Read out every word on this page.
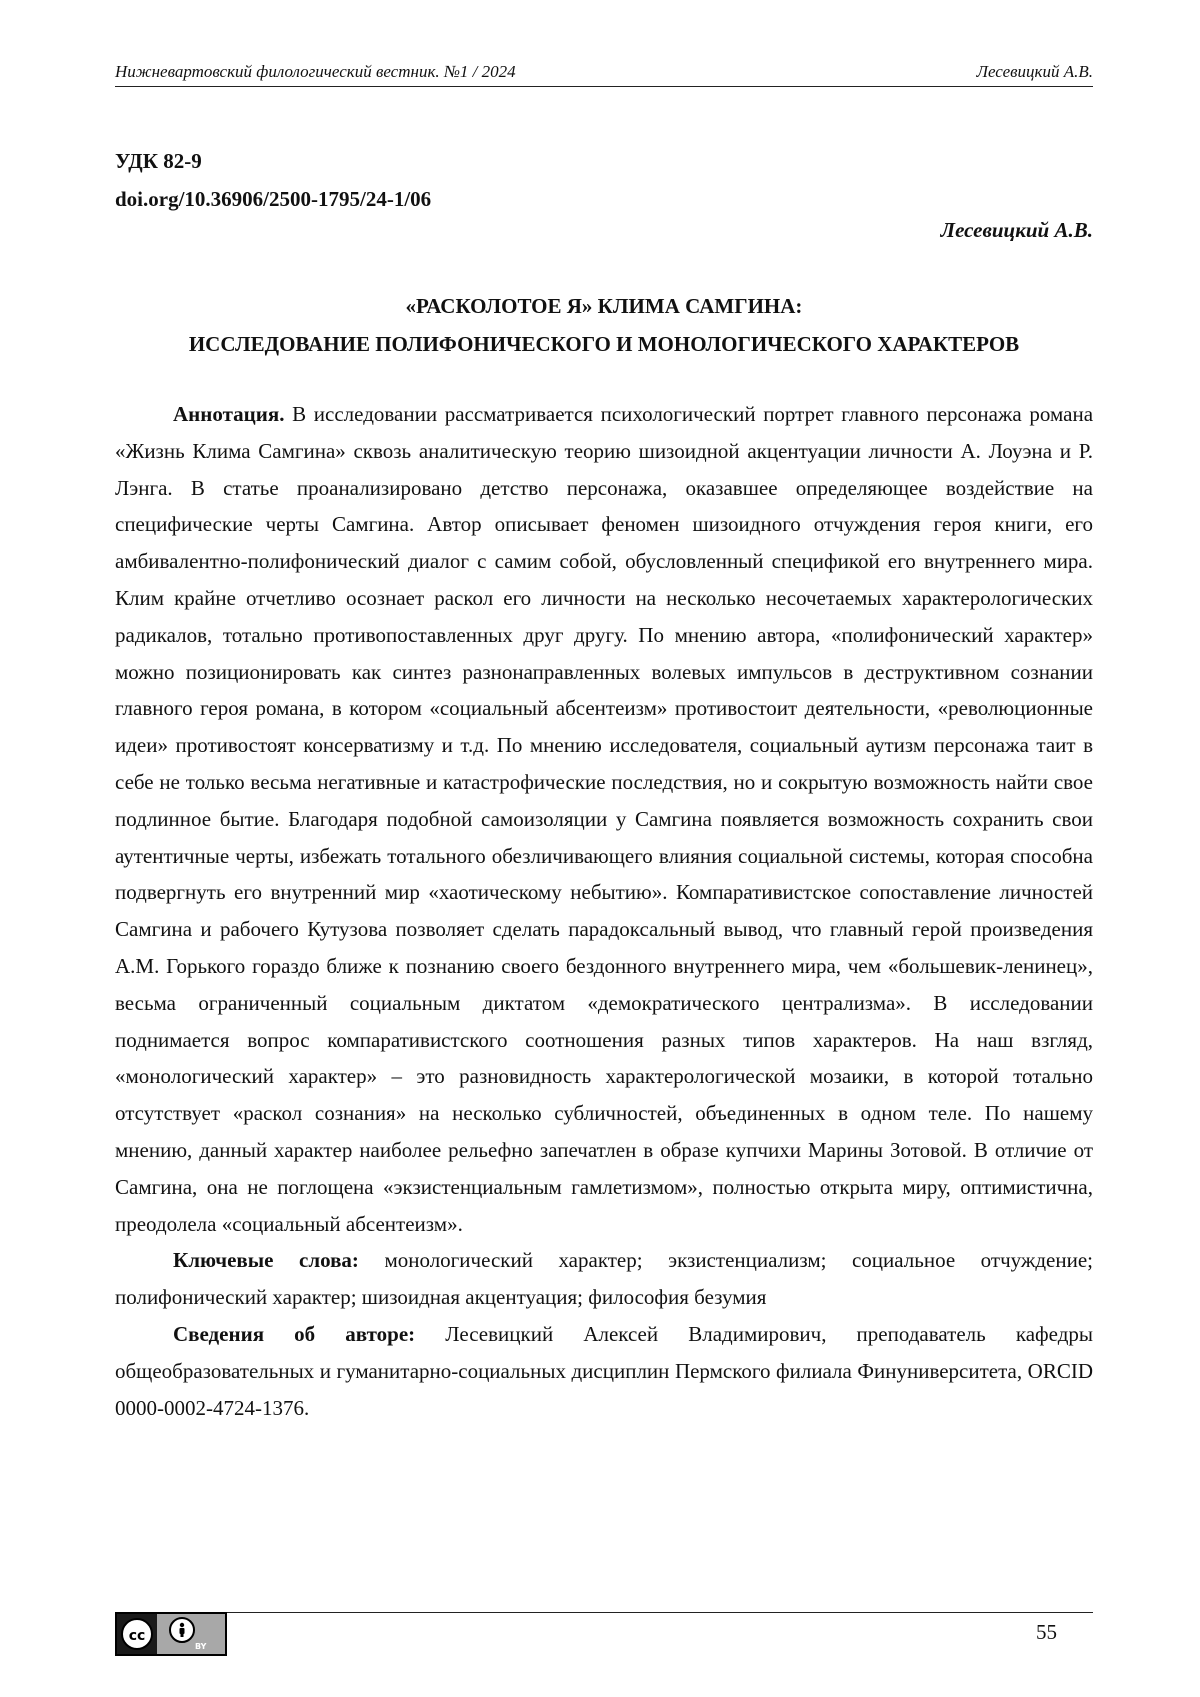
Нижневартовский филологический вестник. №1 / 2024	Лесевицкий А.В.
УДК 82-9
doi.org/10.36906/2500-1795/24-1/06
Лесевицкий А.В.
«РАСКОЛОТОЕ Я» КЛИМА САМГИНА:
ИССЛЕДОВАНИЕ ПОЛИФОНИЧЕСКОГО И МОНОЛОГИЧЕСКОГО ХАРАКТЕРОВ

Аннотация. В исследовании рассматривается психологический портрет главного персонажа романа «Жизнь Клима Самгина» сквозь аналитическую теорию шизоидной акцентуации личности А. Лоуэна и Р. Лэнга. В статье проанализировано детство персонажа, оказавшее определяющее воздействие на специфические черты Самгина. Автор описывает феномен шизоидного отчуждения героя книги, его амбивалентно-полифонический диалог с самим собой, обусловленный спецификой его внутреннего мира. Клим крайне отчетливо осознает раскол его личности на несколько несочетаемых характерологических радикалов, тотально противопоставленных друг другу. По мнению автора, «полифонический характер» можно позиционировать как синтез разнонаправленных волевых импульсов в деструктивном сознании главного героя романа, в котором «социальный абсентеизм» противостоит деятельности, «революционные идеи» противостоят консерватизму и т.д. По мнению исследователя, социальный аутизм персонажа таит в себе не только весьма негативные и катастрофические последствия, но и сокрытую возможность найти свое подлинное бытие. Благодаря подобной самоизоляции у Самгина появляется возможность сохранить свои аутентичные черты, избежать тотального обезличивающего влияния социальной системы, которая способна подвергнуть его внутренний мир «хаотическому небытию». Компаративистское сопоставление личностей Самгина и рабочего Кутузова позволяет сделать парадоксальный вывод, что главный герой произведения А.М. Горького гораздо ближе к познанию своего бездонного внутреннего мира, чем «большевик-ленинец», весьма ограниченный социальным диктатом «демократического централизма». В исследовании поднимается вопрос компаративистского соотношения разных типов характеров. На наш взгляд, «монологический характер» – это разновидность характерологической мозаики, в которой тотально отсутствует «раскол сознания» на несколько субличностей, объединенных в одном теле. По нашему мнению, данный характер наиболее рельефно запечатлен в образе купчихи Марины Зотовой. В отличие от Самгина, она не поглощена «экзистенциальным гамлетизмом», полностью открыта миру, оптимистична, преодолела «социальный абсентеизм».

Ключевые слова: монологический характер; экзистенциализм; социальное отчуждение; полифонический характер; шизоидная акцентуация; философия безумия

Сведения об авторе: Лесевицкий Алексей Владимирович, преподаватель кафедры общеобразовательных и гуманитарно-социальных дисциплин Пермского филиала Финуниверситета, ORCID 0000-0002-4724-1376.

cc
BY
55
